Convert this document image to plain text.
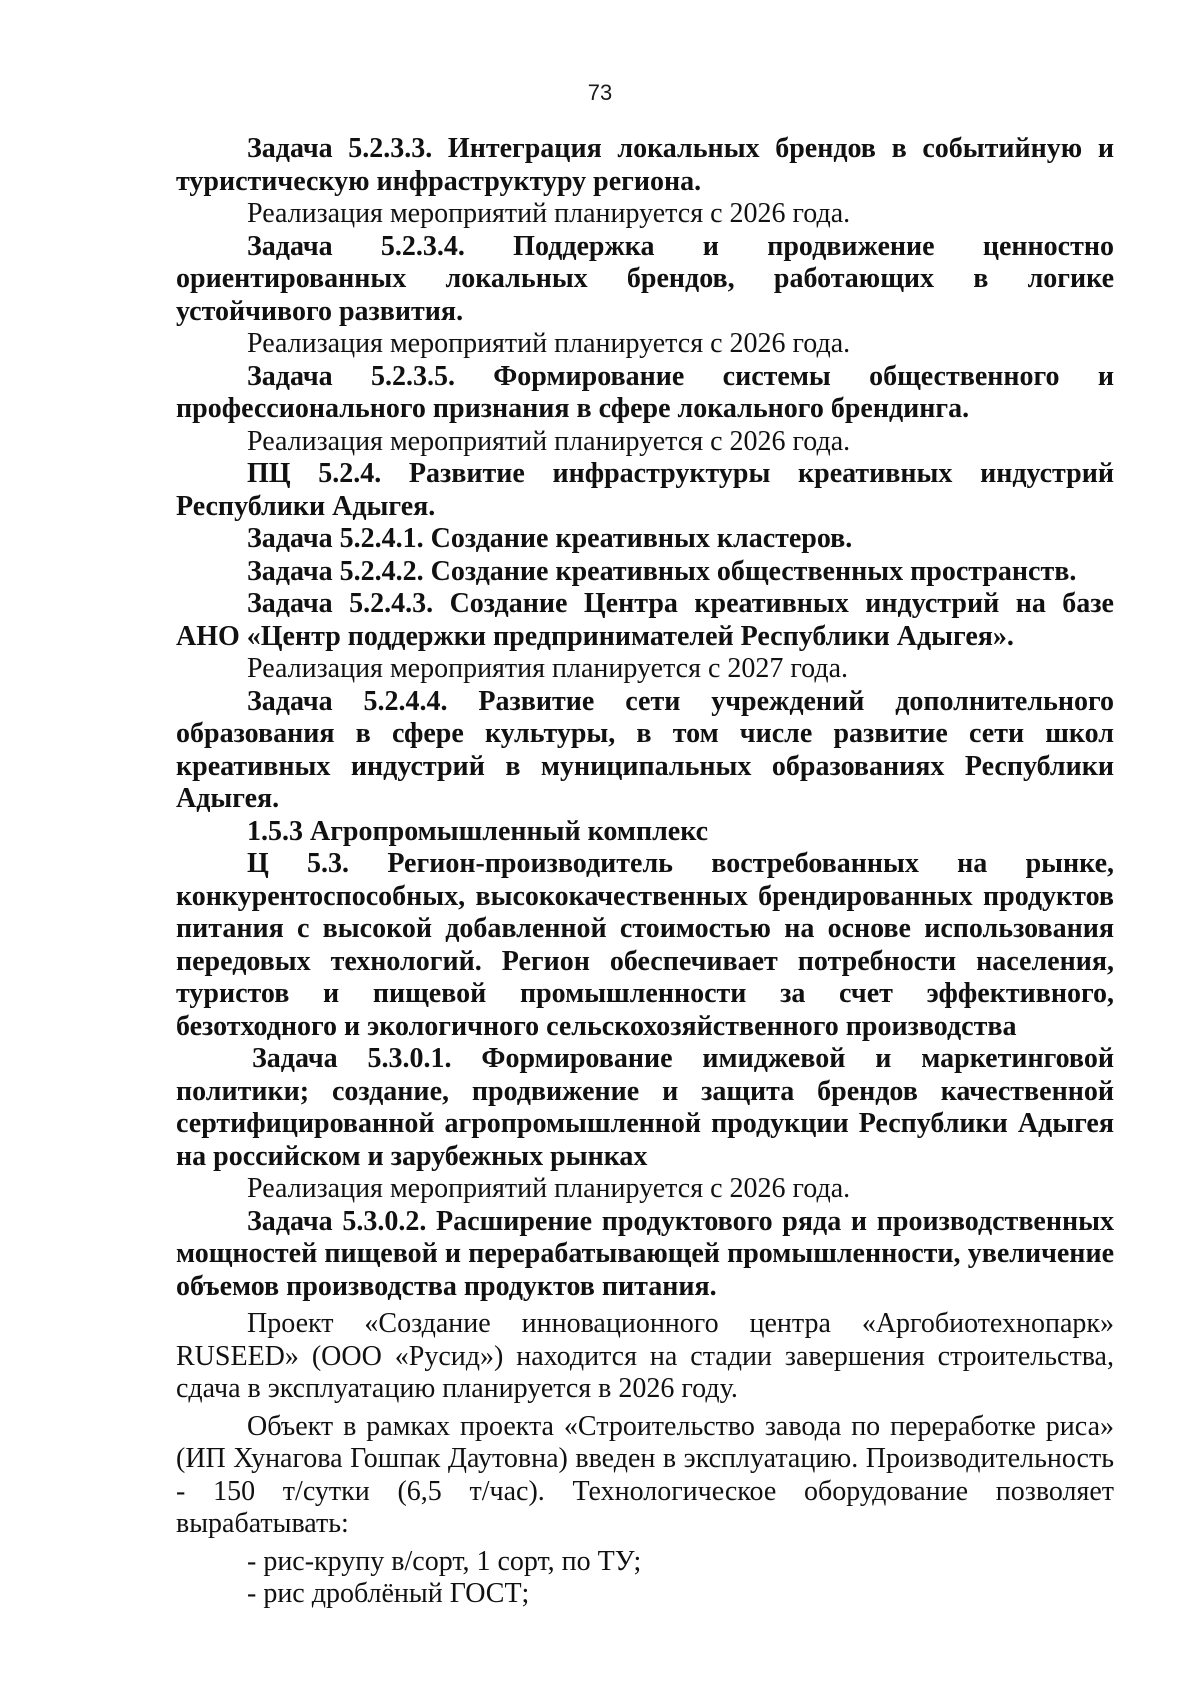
73

Задача 5.2.3.3. Интеграция локальных брендов в событийную и туристическую инфраструктуру региона.

Реализация мероприятий планируется с 2026 года.

Задача 5.2.3.4. Поддержка и продвижение ценностно ориентированных локальных брендов, работающих в логике устойчивого развития.

Реализация мероприятий планируется с 2026 года.

Задача 5.2.3.5. Формирование системы общественного и профессионального признания в сфере локального брендинга.

Реализация мероприятий планируется с 2026 года.

ПЦ 5.2.4. Развитие инфраструктуры креативных индустрий Республики Адыгея.

Задача 5.2.4.1. Создание креативных кластеров.

Задача 5.2.4.2. Создание креативных общественных пространств.

Задача 5.2.4.3. Создание Центра креативных индустрий на базе АНО «Центр поддержки предпринимателей Республики Адыгея».

Реализация мероприятия планируется с 2027 года.

Задача 5.2.4.4. Развитие сети учреждений дополнительного образования в сфере культуры, в том числе развитие сети школ креативных индустрий в муниципальных образованиях Республики Адыгея.

1.5.3 Агропромышленный комплекс

Ц 5.3. Регион-производитель востребованных на рынке, конкурентоспособных, высококачественных брендированных продуктов питания с высокой добавленной стоимостью на основе использования передовых технологий. Регион обеспечивает потребности населения, туристов и пищевой промышленности за счет эффективного, безотходного и экологичного сельскохозяйственного производства

Задача 5.3.0.1. Формирование имиджевой и маркетинговой политики; создание, продвижение и защита брендов качественной сертифицированной агропромышленной продукции Республики Адыгея на российском и зарубежных рынках

Реализация мероприятий планируется с 2026 года.

Задача 5.3.0.2. Расширение продуктового ряда и производственных мощностей пищевой и перерабатывающей промышленности, увеличение объемов производства продуктов питания.

Проект «Создание инновационного центра «Аргобиотехнопарк» RUSEED» (ООО «Русид») находится на стадии завершения строительства, сдача в эксплуатацию планируется в 2026 году.

Объект в рамках проекта «Строительство завода по переработке риса» (ИП Хунагова Гошпак Даутовна) введен в эксплуатацию. Производительность - 150 т/сутки (6,5 т/час). Технологическое оборудование позволяет вырабатывать:

- рис-крупу в/сорт, 1 сорт, по ТУ;

- рис дроблёный ГОСТ;
